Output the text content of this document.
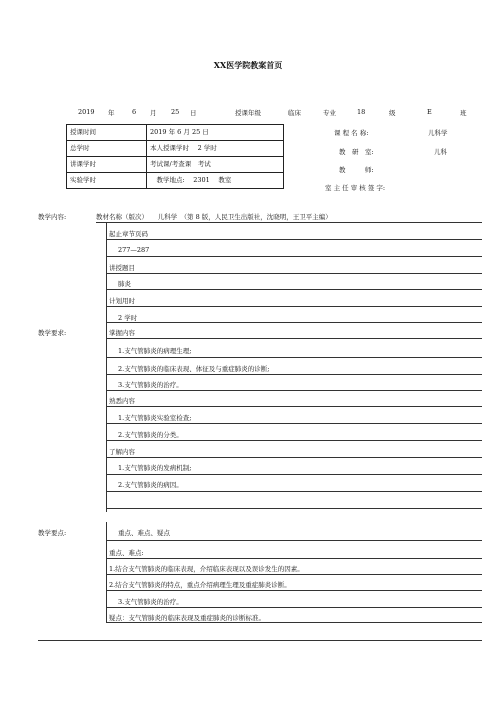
XX医学院教案首页
2019 年	6 月 25 日	授课年级	临床	专业	18	级	E	班
授课时间	2019 年 6 月 25 日
总学时	本人授课学时　 2 学时
讲课学时	考试课/考查课　考试
实验学时	　教学地点:　 2301　 教室
课 程 名 称:	儿科学
教　研　室:	儿科
教　　　师:
室 主 任 审 核 签 字:
教学内容:
教学要求:
教学要点:
教材名称（版次）　　儿科学　（第 8 版，人民卫生出版社，沈晓明，王卫平主编）
起止章节页码
277—287
讲授题目
肺炎
计划用时
2 学时
掌握内容
1.支气管肺炎的病理生理;
2.支气管肺炎的临床表现、体征及与重症肺炎的诊断;
3.支气管肺炎的治疗。
熟悉内容
1.支气管肺炎实验室检查;
2.支气管肺炎的分类。
了解内容
1.支气管肺炎的发病机制;
2.支气管肺炎的病因。
重点、难点、疑点
重点、难点:
1.结合支气管肺炎的临床表现，介绍临床表现以及误诊发生的因素。
2.结合支气管肺炎的特点，重点介绍病理生理及重症肺炎诊断。
3.支气管肺炎的治疗。
疑点：支气管肺炎的临床表现及重症肺炎的诊断标准。
